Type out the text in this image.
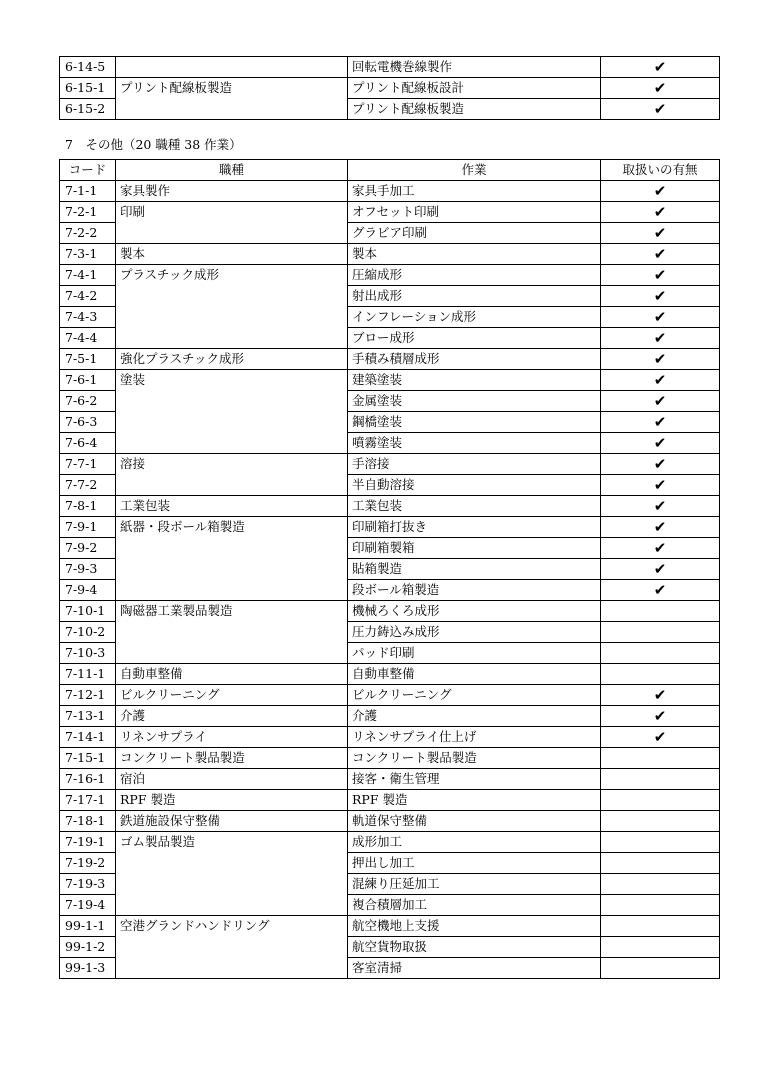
6-14-5		回転電機巻線製作	✔
6-15-1	プリント配線板製造	プリント配線板設計	✔
6-15-2		プリント配線板製造	✔
7　その他（20 職種 38 作業）
コード	職種	作業	取扱いの有無
7-1-1	家具製作	家具手加工	✔
7-2-1	印刷	オフセット印刷	✔
7-2-2		グラビア印刷	✔
7-3-1	製本	製本	✔
7-4-1	プラスチック成形	圧縮成形	✔
7-4-2		射出成形	✔
7-4-3		インフレーション成形	✔
7-4-4		ブロー成形	✔
7-5-1	強化プラスチック成形	手積み積層成形	✔
7-6-1	塗装	建築塗装	✔
7-6-2		金属塗装	✔
7-6-3		鋼橋塗装	✔
7-6-4		噴霧塗装	✔
7-7-1	溶接	手溶接	✔
7-7-2		半自動溶接	✔
7-8-1	工業包装	工業包装	✔
7-9-1	紙器・段ボール箱製造	印刷箱打抜き	✔
7-9-2		印刷箱製箱	✔
7-9-3		貼箱製造	✔
7-9-4		段ボール箱製造	✔
7-10-1	陶磁器工業製品製造	機械ろくろ成形	
7-10-2		圧力鋳込み成形	
7-10-3		パッド印刷	
7-11-1	自動車整備	自動車整備	
7-12-1	ビルクリーニング	ビルクリーニング	✔
7-13-1	介護	介護	✔
7-14-1	リネンサプライ	リネンサプライ仕上げ	✔
7-15-1	コンクリート製品製造	コンクリート製品製造	
7-16-1	宿泊	接客・衛生管理	
7-17-1	RPF 製造	RPF 製造	
7-18-1	鉄道施設保守整備	軌道保守整備	
7-19-1	ゴム製品製造	成形加工	
7-19-2		押出し加工	
7-19-3		混練り圧延加工	
7-19-4		複合積層加工	
99-1-1	空港グランドハンドリング	航空機地上支援	
99-1-2		航空貨物取扱	
99-1-3		客室清掃	
